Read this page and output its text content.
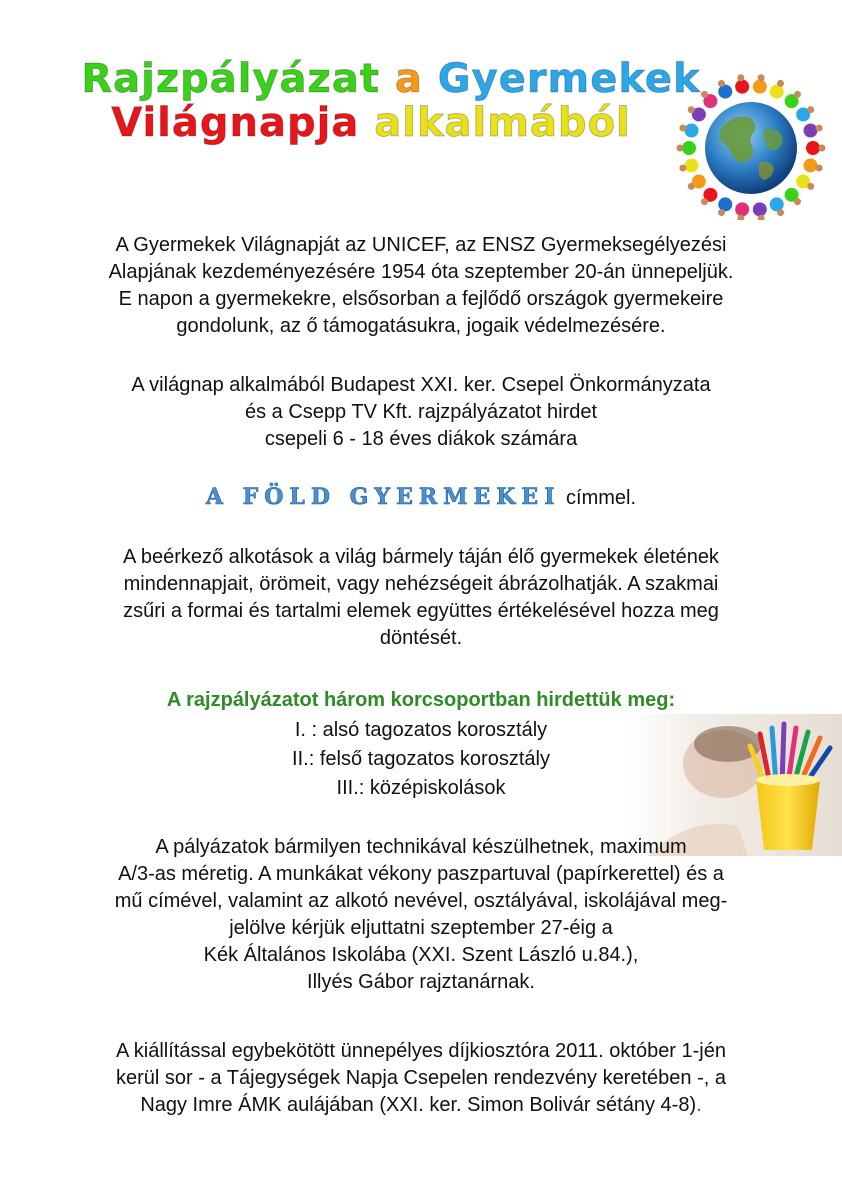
Rajzpályázat a Gyermekek
Világnapja alkalmából
A Gyermekek Világnapját az UNICEF, az ENSZ Gyermeksegélyezési
Alapjának kezdeményezésére 1954 óta szeptember 20-án ünnepeljük.
E napon a gyermekekre, elsősorban a fejlődő országok gyermekeire
gondolunk, az ő támogatásukra, jogaik védelmezésére.
A világnap alkalmából Budapest XXI. ker. Csepel Önkormányzata
és a Csepp TV Kft. rajzpályázatot hirdet
csepeli 6 - 18 éves diákok számára
A FÖLD GYERMEKEI címmel.
A beérkező alkotások a világ bármely táján élő gyermekek életének
mindennapjait, örömeit, vagy nehézségeit ábrázolhatják. A szakmai
zsűri a formai és tartalmi elemek együttes értékelésével hozza meg
döntését.
A rajzpályázatot három korcsoportban hirdettük meg:
I. : alsó tagozatos korosztály
II.: felső tagozatos korosztály
III.: középiskolások
A pályázatok bármilyen technikával készülhetnek, maximum
A/3-as méretig. A munkákat vékony paszpartuval (papírkerettel) és a
mű címével, valamint az alkotó nevével, osztályával, iskolájával meg-
jelölve kérjük eljuttatni szeptember 27-éig a
Kék Általános Iskolába (XXI. Szent László u.84.),
Illyés Gábor rajztanárnak.
A kiállítással egybekötött ünnepélyes díjkiosztóra 2011. október 1-jén
kerül sor - a Tájegységek Napja Csepelen rendezvény keretében -, a
Nagy Imre ÁMK aulájában (XXI. ker. Simon Bolivár sétány 4-8).
